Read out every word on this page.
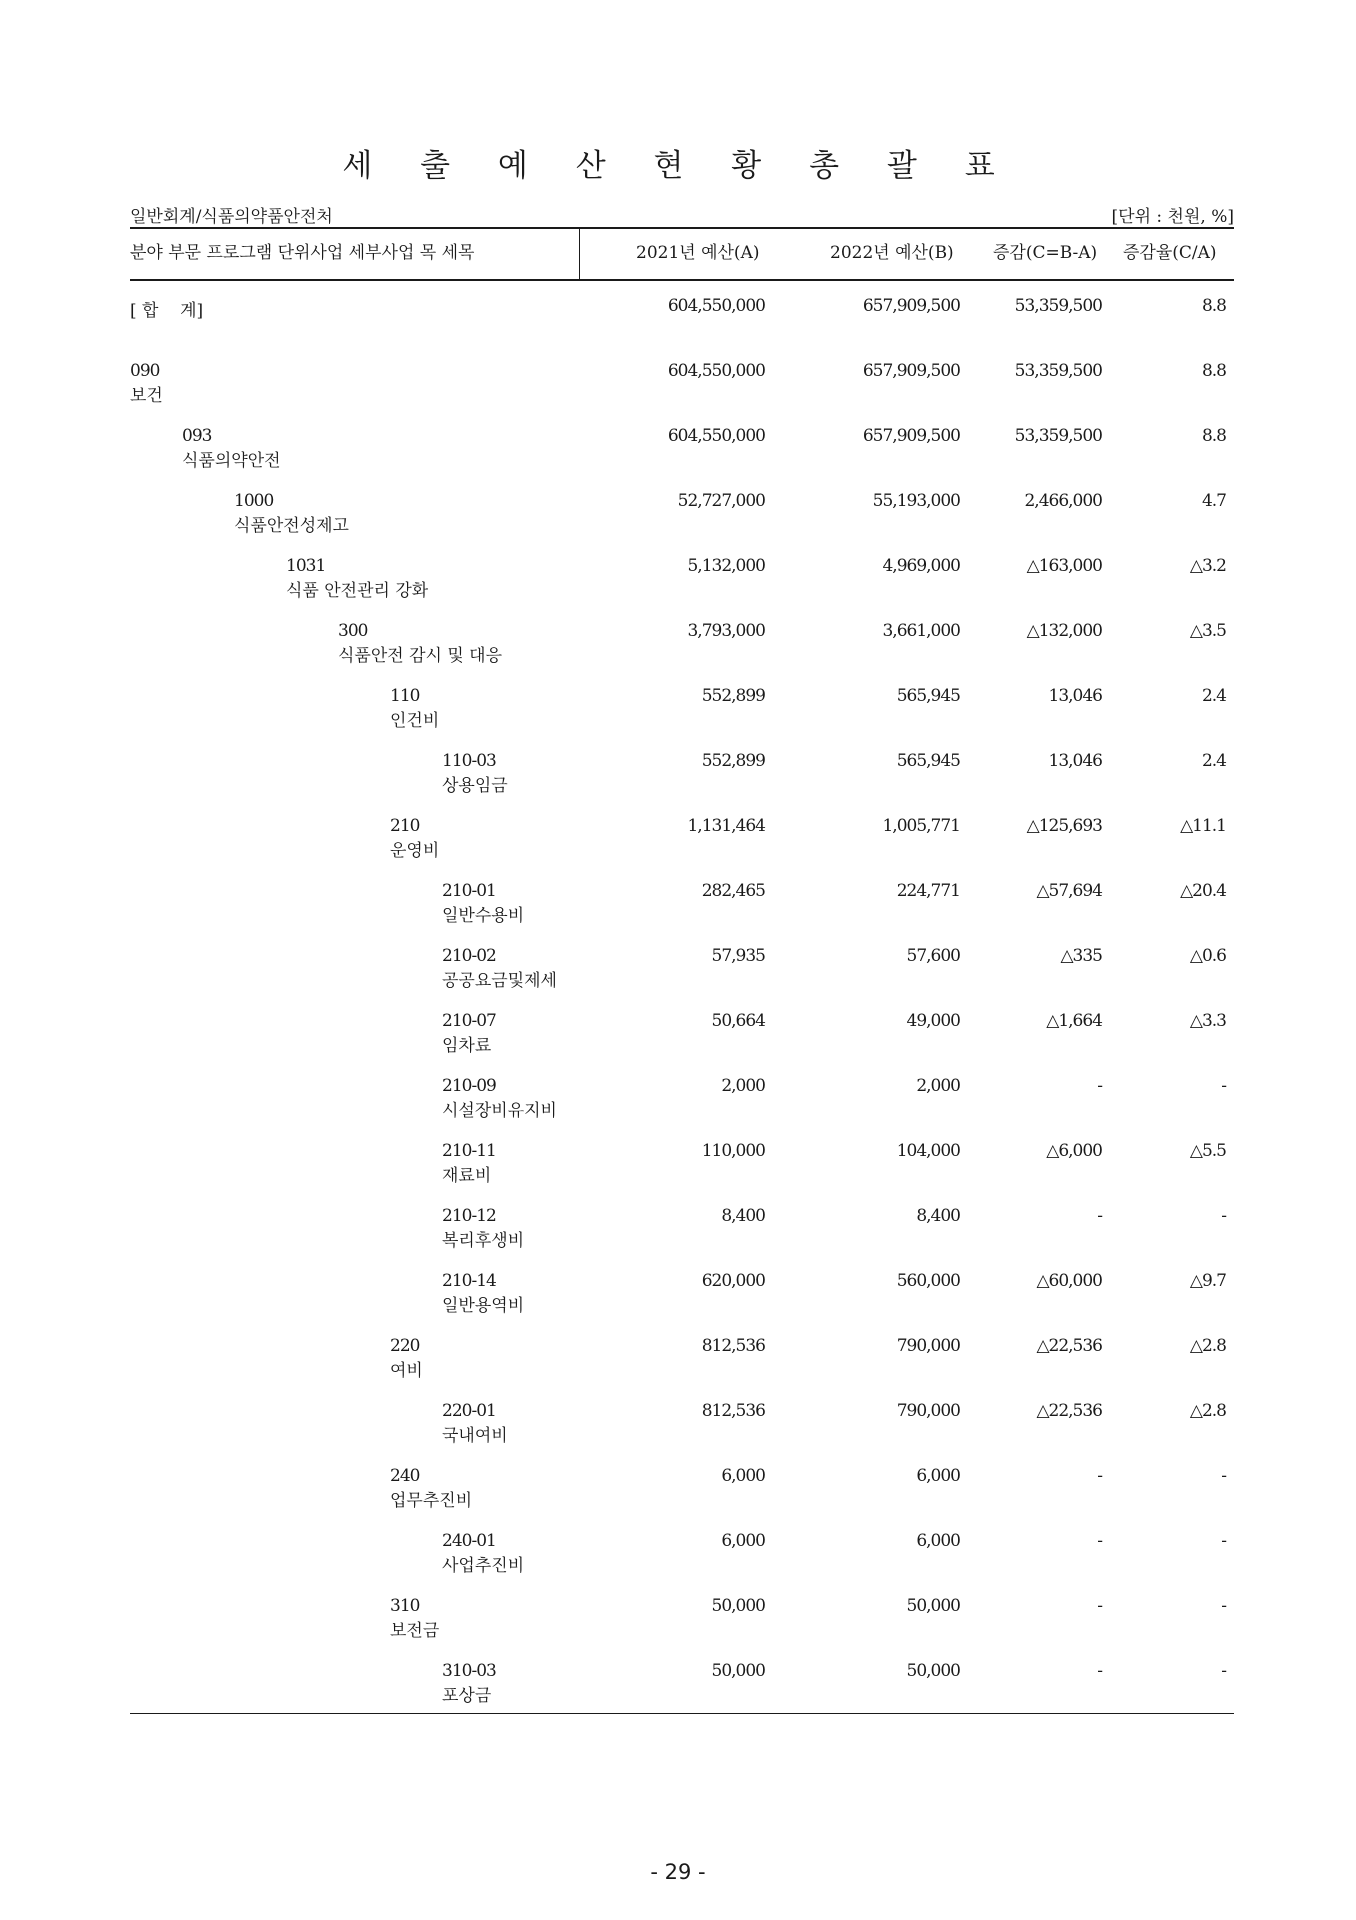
세 출 예 산 현 황 총 괄 표
일반회계/식품의약품안전처	[단위 : 천원, %]
분야 부문 프로그램 단위사업 세부사업 목 세목	2021년 예산(A)	2022년 예산(B) 증감(C=B-A) 증감율(C/A)
[ 합    계]	604,550,000	657,909,500	53,359,500	8.8
090
보건
604,550,000	657,909,500	53,359,500	8.8
093
식품의약안전
604,550,000	657,909,500	53,359,500	8.8
1000
식품안전성제고
52,727,000	55,193,000	2,466,000	4.7
1031
식품 안전관리 강화
5,132,000	4,969,000	△163,000	△3.2
300
식품안전 감시 및 대응
3,793,000	3,661,000	△132,000	△3.5
110
인건비
552,899	565,945	13,046	2.4
110-03
상용임금
552,899	565,945	13,046	2.4
210
운영비
1,131,464	1,005,771	△125,693	△11.1
210-01
일반수용비
282,465	224,771	△57,694	△20.4
210-02
공공요금및제세
57,935	57,600	△335	△0.6
210-07
임차료
50,664	49,000	△1,664	△3.3
210-09
시설장비유지비
2,000	2,000	-	-
210-11
재료비
110,000	104,000	△6,000	△5.5
210-12
복리후생비
8,400	8,400	-	-
210-14
일반용역비
620,000	560,000	△60,000	△9.7
220
여비
812,536	790,000	△22,536	△2.8
220-01
국내여비
812,536	790,000	△22,536	△2.8
240
업무추진비
6,000	6,000	-	-
240-01
사업추진비
6,000	6,000	-	-
310
보전금
50,000	50,000	-	-
310-03
포상금
50,000	50,000	-	-
- 29 -
